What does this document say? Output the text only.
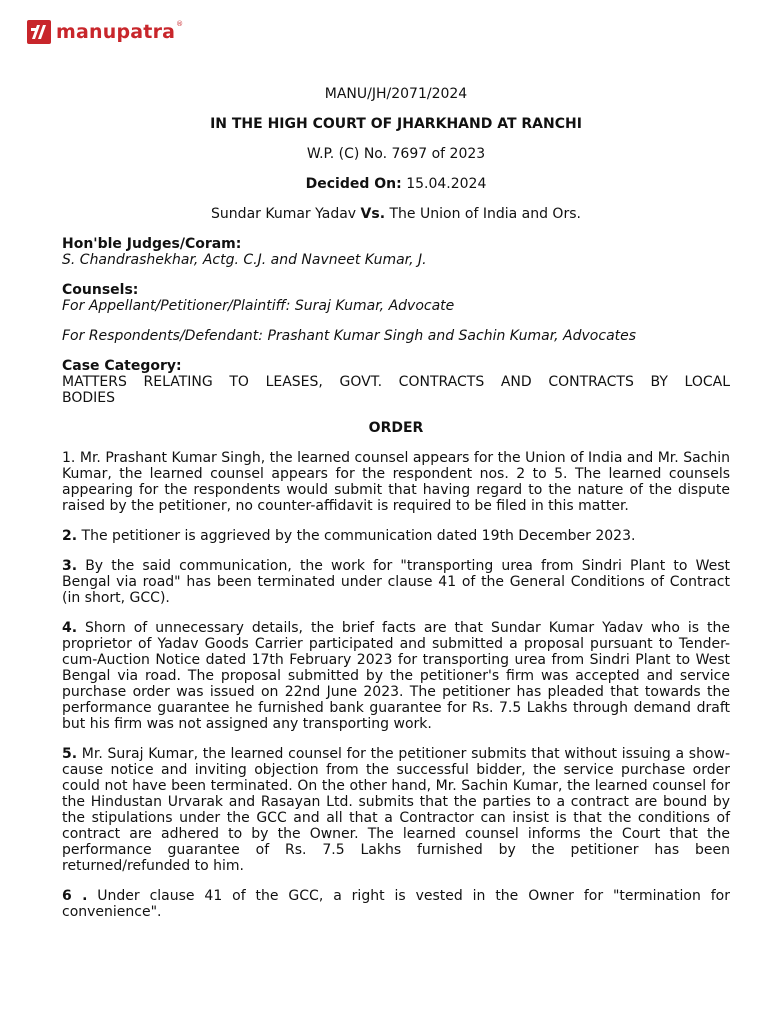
manupatra ®

MANU/JH/2071/2024

IN THE HIGH COURT OF JHARKHAND AT RANCHI

W.P. (C) No. 7697 of 2023

Decided On: 15.04.2024

Sundar Kumar Yadav Vs. The Union of India and Ors.

Hon'ble Judges/Coram:

S. Chandrashekhar, Actg. C.J. and Navneet Kumar, J.

Counsels:

For Appellant/Petitioner/Plaintiff: Suraj Kumar, Advocate

For Respondents/Defendant: Prashant Kumar Singh and Sachin Kumar, Advocates

Case Category:

MATTERS RELATING TO LEASES, GOVT. CONTRACTS AND CONTRACTS BY LOCAL

BODIES

ORDER

1. Mr. Prashant Kumar Singh, the learned counsel appears for the Union of India and Mr. Sachin Kumar, the learned counsel appears for the respondent nos. 2 to 5. The learned counsels appearing for the respondents would submit that having regard to the nature of the dispute raised by the petitioner, no counter-affidavit is required to be filed in this matter.

2. The petitioner is aggrieved by the communication dated 19th December 2023.

3. By the said communication, the work for "transporting urea from Sindri Plant to West Bengal via road" has been terminated under clause 41 of the General Conditions of Contract (in short, GCC).

4. Shorn of unnecessary details, the brief facts are that Sundar Kumar Yadav who is the proprietor of Yadav Goods Carrier participated and submitted a proposal pursuant to Tender-cum-Auction Notice dated 17th February 2023 for transporting urea from Sindri Plant to West Bengal via road. The proposal submitted by the petitioner's firm was accepted and service purchase order was issued on 22nd June 2023. The petitioner has pleaded that towards the performance guarantee he furnished bank guarantee for Rs. 7.5 Lakhs through demand draft but his firm was not assigned any transporting work.

5. Mr. Suraj Kumar, the learned counsel for the petitioner submits that without issuing a show-cause notice and inviting objection from the successful bidder, the service purchase order could not have been terminated. On the other hand, Mr. Sachin Kumar, the learned counsel for the Hindustan Urvarak and Rasayan Ltd. submits that the parties to a contract are bound by the stipulations under the GCC and all that a Contractor can insist is that the conditions of contract are adhered to by the Owner. The learned counsel informs the Court that the performance guarantee of Rs. 7.5 Lakhs furnished by the petitioner has been returned/refunded to him.

6 . Under clause 41 of the GCC, a right is vested in the Owner for "termination for convenience".
